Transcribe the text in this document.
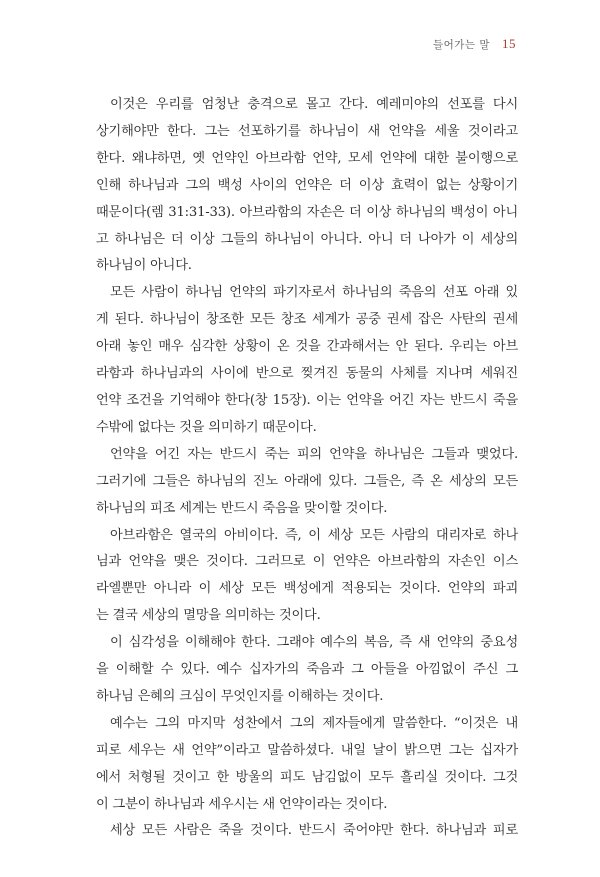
들어가는 말 15
이것은 우리를 엄청난 충격으로 몰고 간다. 예레미야의 선포를 다시
상기해야만 한다. 그는 선포하기를 하나님이 새 언약을 세울 것이라고
한다. 왜냐하면, 옛 언약인 아브라함 언약, 모세 언약에 대한 불이행으로
인해 하나님과 그의 백성 사이의 언약은 더 이상 효력이 없는 상황이기
때문이다(렘 31:31-33). 아브라함의 자손은 더 이상 하나님의 백성이 아니
고 하나님은 더 이상 그들의 하나님이 아니다. 아니 더 나아가 이 세상의
하나님이 아니다.
모든 사람이 하나님 언약의 파기자로서 하나님의 죽음의 선포 아래 있
게 된다. 하나님이 창조한 모든 창조 세계가 공중 권세 잡은 사탄의 권세
아래 놓인 매우 심각한 상황이 온 것을 간과해서는 안 된다. 우리는 아브
라함과 하나님과의 사이에 반으로 찢겨진 동물의 사체를 지나며 세워진
언약 조건을 기억해야 한다(창 15장). 이는 언약을 어긴 자는 반드시 죽을
수밖에 없다는 것을 의미하기 때문이다.
언약을 어긴 자는 반드시 죽는 피의 언약을 하나님은 그들과 맺었다.
그러기에 그들은 하나님의 진노 아래에 있다. 그들은, 즉 온 세상의 모든
하나님의 피조 세계는 반드시 죽음을 맞이할 것이다.
아브라함은 열국의 아비이다. 즉, 이 세상 모든 사람의 대리자로 하나
님과 언약을 맺은 것이다. 그러므로 이 언약은 아브라함의 자손인 이스
라엘뿐만 아니라 이 세상 모든 백성에게 적용되는 것이다. 언약의 파괴
는 결국 세상의 멸망을 의미하는 것이다.
이 심각성을 이해해야 한다. 그래야 예수의 복음, 즉 새 언약의 중요성
을 이해할 수 있다. 예수 십자가의 죽음과 그 아들을 아낌없이 주신 그
하나님 은혜의 크심이 무엇인지를 이해하는 것이다.
예수는 그의 마지막 성찬에서 그의 제자들에게 말씀한다. “이것은 내
피로 세우는 새 언약”이라고 말씀하셨다. 내일 날이 밝으면 그는 십자가
에서 처형될 것이고 한 방울의 피도 남김없이 모두 흘리실 것이다. 그것
이 그분이 하나님과 세우시는 새 언약이라는 것이다.
세상 모든 사람은 죽을 것이다. 반드시 죽어야만 한다. 하나님과 피로
